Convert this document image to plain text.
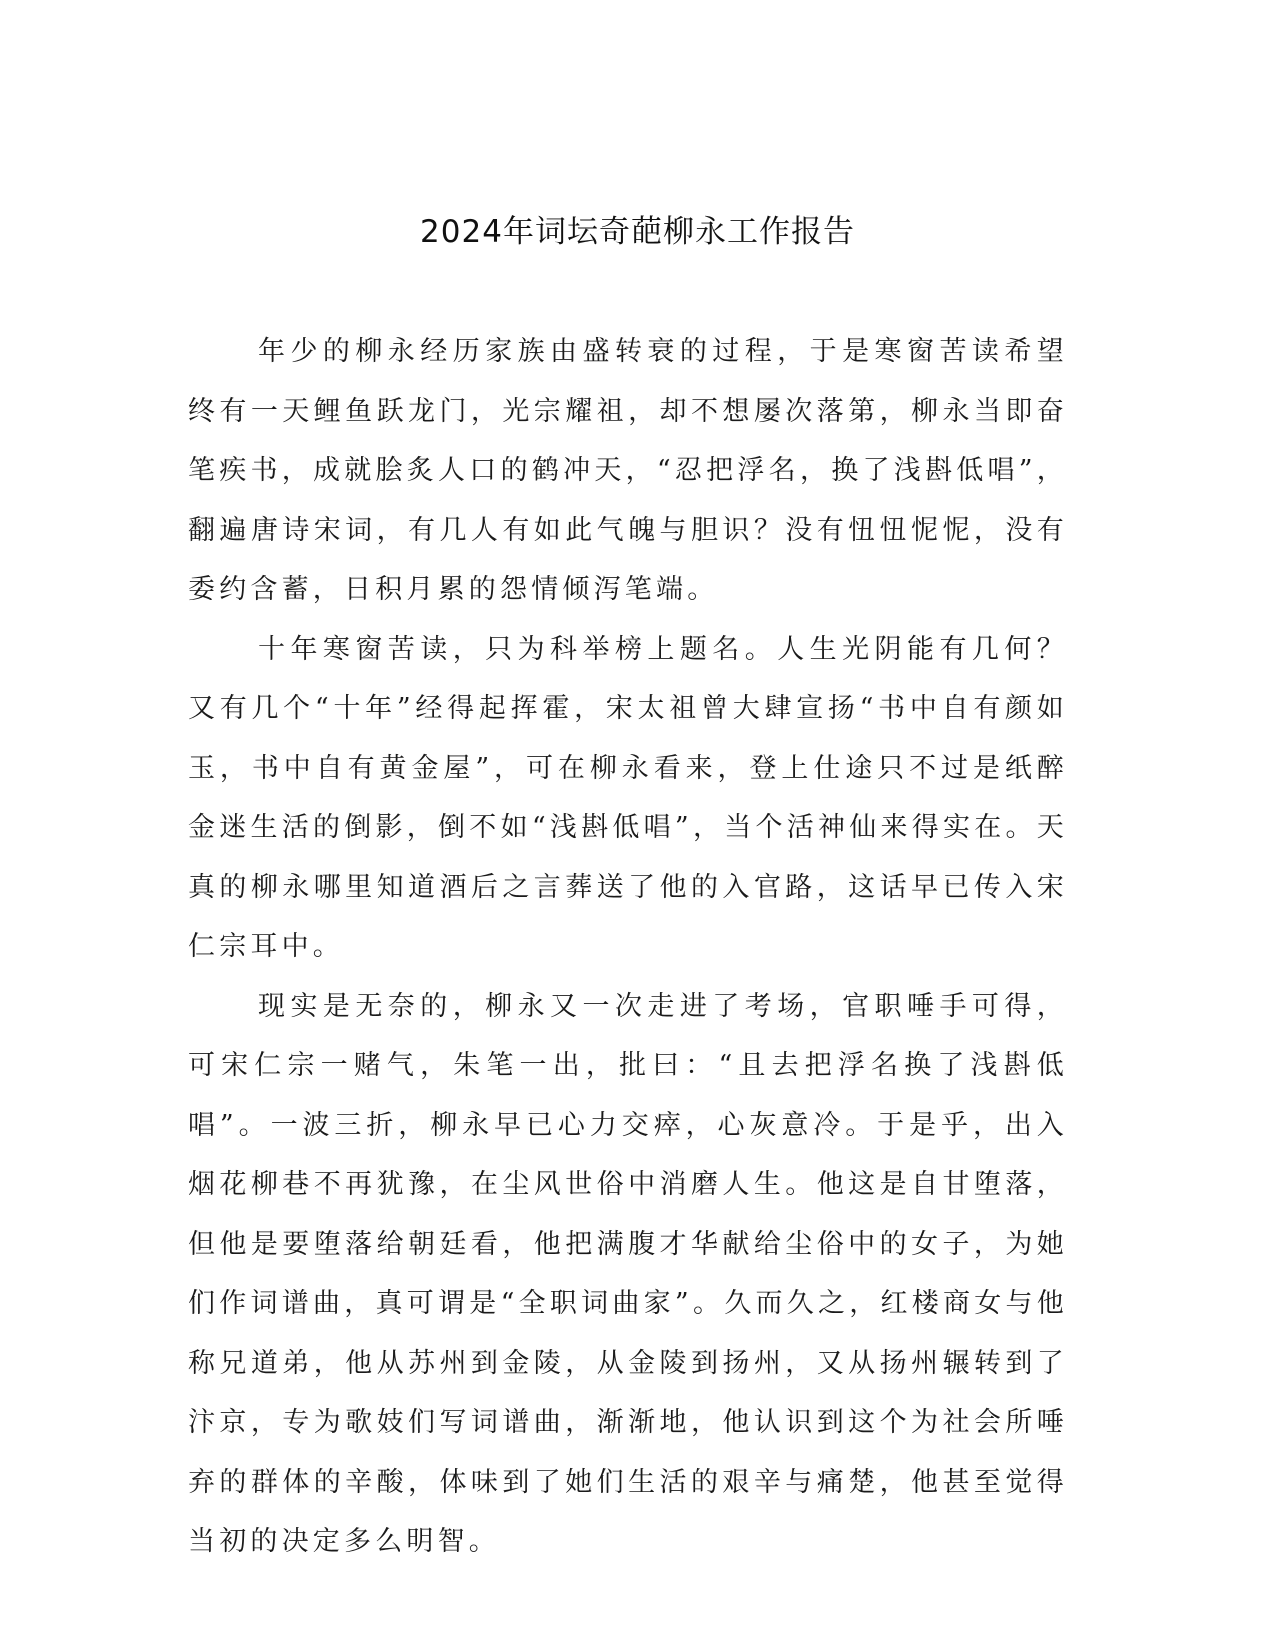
2024年词坛奇葩柳永工作报告

年少的柳永经历家族由盛转衰的过程，于是寒窗苦读希望终有一天鲤鱼跃龙门，光宗耀祖，却不想屡次落第，柳永当即奋笔疾书，成就脍炙人口的鹤冲天，“忍把浮名，换了浅斟低唱”，翻遍唐诗宋词，有几人有如此气魄与胆识？没有忸忸怩怩，没有委约含蓄，日积月累的怨情倾泻笔端。

十年寒窗苦读，只为科举榜上题名。人生光阴能有几何？又有几个“十年”经得起挥霍，宋太祖曾大肆宣扬“书中自有颜如玉，书中自有黄金屋”，可在柳永看来，登上仕途只不过是纸醉金迷生活的倒影，倒不如“浅斟低唱”，当个活神仙来得实在。天真的柳永哪里知道酒后之言葬送了他的入官路，这话早已传入宋仁宗耳中。

现实是无奈的，柳永又一次走进了考场，官职唾手可得，可宋仁宗一赌气，朱笔一出，批曰：“且去把浮名换了浅斟低唱”。一波三折，柳永早已心力交瘁，心灰意冷。于是乎，出入烟花柳巷不再犹豫，在尘风世俗中消磨人生。他这是自甘堕落，但他是要堕落给朝廷看，他把满腹才华献给尘俗中的女子，为她们作词谱曲，真可谓是“全职词曲家”。久而久之，红楼商女与他称兄道弟，他从苏州到金陵，从金陵到扬州，又从扬州辗转到了汴京，专为歌妓们写词谱曲，渐渐地，他认识到这个为社会所唾弃的群体的辛酸，体味到了她们生活的艰辛与痛楚，他甚至觉得当初的决定多么明智。
